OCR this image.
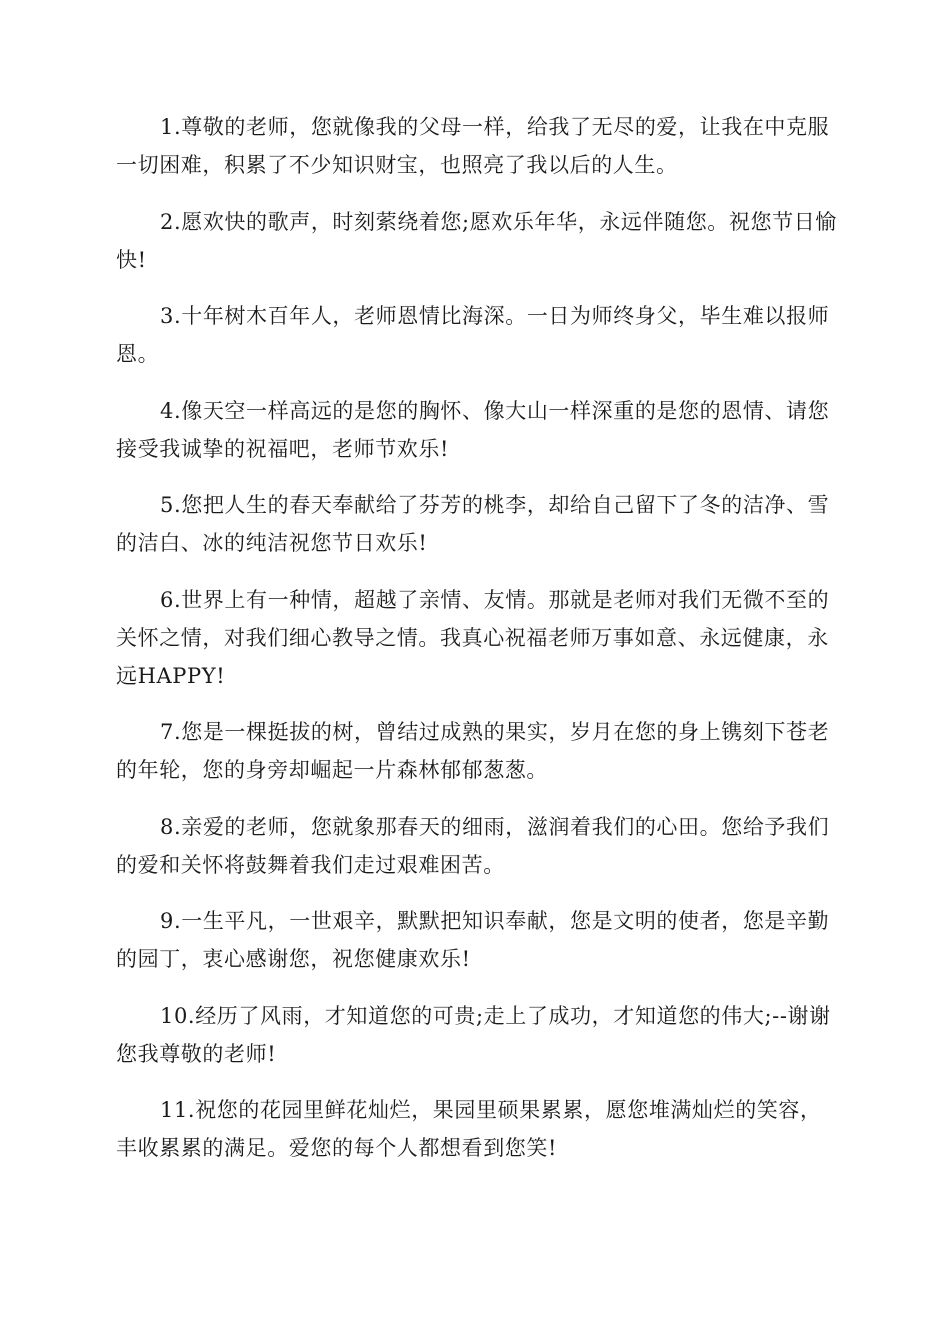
1.尊敬的老师，您就像我的父母一样，给我了无尽的爱，让我在中克服一切困难，积累了不少知识财宝，也照亮了我以后的人生。

2.愿欢快的歌声，时刻萦绕着您;愿欢乐年华，永远伴随您。祝您节日愉快!

3.十年树木百年人，老师恩情比海深。一日为师终身父，毕生难以报师恩。

4.像天空一样高远的是您的胸怀、像大山一样深重的是您的恩情、请您接受我诚挚的祝福吧，老师节欢乐!

5.您把人生的春天奉献给了芬芳的桃李，却给自己留下了冬的洁净、雪的洁白、冰的纯洁祝您节日欢乐!

6.世界上有一种情，超越了亲情、友情。那就是老师对我们无微不至的关怀之情，对我们细心教导之情。我真心祝福老师万事如意、永远健康，永远HAPPY!

7.您是一棵挺拔的树，曾结过成熟的果实，岁月在您的身上镌刻下苍老的年轮，您的身旁却崛起一片森林郁郁葱葱。

8.亲爱的老师，您就象那春天的细雨，滋润着我们的心田。您给予我们的爱和关怀将鼓舞着我们走过艰难困苦。

9.一生平凡，一世艰辛，默默把知识奉献，您是文明的使者，您是辛勤的园丁，衷心感谢您，祝您健康欢乐!

10.经历了风雨，才知道您的可贵;走上了成功，才知道您的伟大;--谢谢您我尊敬的老师!

11.祝您的花园里鲜花灿烂，果园里硕果累累，愿您堆满灿烂的笑容，丰收累累的满足。爱您的每个人都想看到您笑!
